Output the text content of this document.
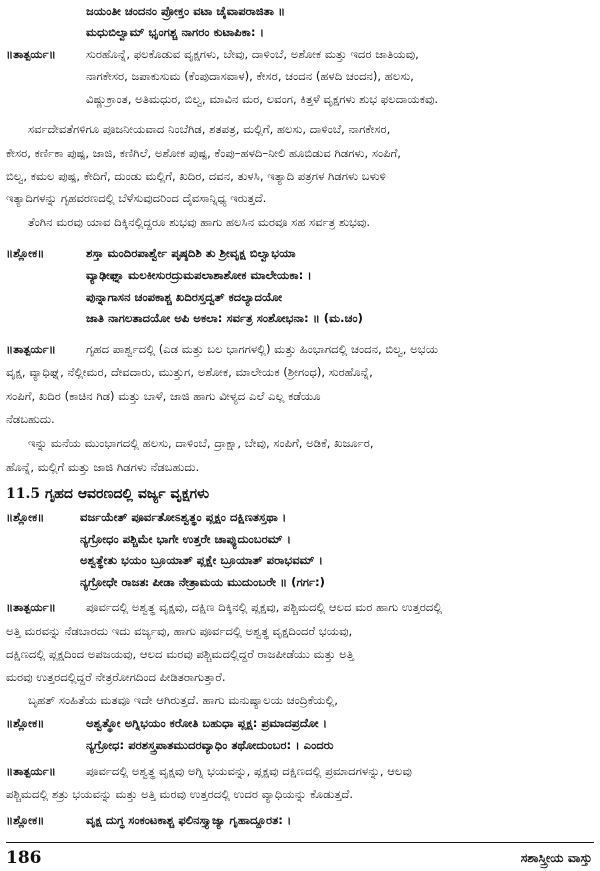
ಜಯಂತೀ ಚಂದನಂ ಪ್ರೋಕ್ತಂ ವಟಾ ಚೈವಾಪರಾಜಿತಾ ॥
ಮಧುಬಿಲ್ವಾಮ್ ಭೃಂಗಶ್ಚ ನಾಗರಂ ಕುಟಾಪಿಕಾ: ।
॥ತಾತ್ಪರ್ಯ॥	ಸುರಹೊನ್ನೆ, ಫಲಕೊಡುವ ವೃಕ್ಷಗಳು, ಬೇವು, ದಾಳಿಂಬೆ, ಅಶೋಕ ಮತ್ತು ಇದರ ಜಾತಿಯವು,
ನಾಗಕೇಸರ, ಜಪಾಕುಸುಮ (ಕೆಂಪುದಾಸವಾಳ), ಕೇಸರ, ಚಂದನ (ಹಳದಿ ಚಂದನ), ಹಲಸು,
ವಿಷ್ಣುಕ್ರಾಂತ, ಅತಿಮಧುರ, ಬಿಲ್ವ, ಮಾವಿನ ಮರ, ಲವಂಗ, ಕಿತ್ತಳೆ ವೃಕ್ಷಗಳು ಶುಭ ಫಲದಾಯಕವು.
ಸರ್ವದೇವತೆಗಳಿಗೂ ಪೂಜನೀಯವಾದ ನಿಂಬೆಗಿಡ, ಶತಪತ್ರ, ಮಲ್ಲಿಗೆ, ಹಲಸು, ದಾಳಿಂಬೆ, ನಾಗಕೇಸರ,
ಕೇಸರ, ಕರ್ಣಿಕಾ ಪುಷ್ಪ, ಜಾಜಿ, ಕಣಿಗಿಲೆ, ಅಶೋಕ ಪುಷ್ಪ, ಕೆಂಪು–ಹಳದಿ–ನೀಲಿ ಹೂಬಿಡುವ ಗಿಡಗಳು, ಸಂಪಿಗೆ,
ಬಿಲ್ವ, ಕಮಲ ಪುಷ್ಪ, ಕೇದಿಗೆ, ದುಂಡು ಮಲ್ಲಿಗೆ, ಖದಿರ, ದವನ, ತುಳಸಿ, ಇತ್ಯಾದಿ ಪತ್ರಗಳ ಗಿಡಗಳು ಬಳುಳಿ
ಇತ್ಯಾದಿಗಳನ್ನು ಗೃಹವರಣದಲ್ಲಿ ಬೆಳೆಸುವುದರಿಂದ ದೈವಸಾನ್ನಿಧ್ಯ ಇರುತ್ತದೆ.
ತೆಂಗಿನ ಮರವು ಯಾವ ದಿಕ್ಕಿನಲ್ಲಿದ್ದರೂ ಶುಭವು ಹಾಗು ಹಲಸಿನ ಮರವೂ ಸಹ ಸರ್ವತ್ರ ಶುಭವು.
॥ಶ್ಲೋಕ॥	ಶಸ್ತಾ ಮಂದಿರಪಾರ್ಶ್ವೇ ಪೃಷ್ಠದಿಶಿ ತು ಶ್ರೀವೃಕ್ಷ ಬಿಲ್ವಾಭಯಾ
ವ್ಯಾಢೀಘ್ನಾ ಮಲಕೀಸುರದ್ರುಮಪಲಾಶಾಶೋಕ ಮಾಲೇಯಕಾ: ।
ಪುನ್ನಾಗಾಸನ ಚಂಪಕಾಶ್ಚ ಖದಿರಸ್ತದ್ವತ್ ಕದಲ್ಯಾದಯೋ
ಜಾತಿ ನಾಗಲತಾದಯೋ ಅಪಿ ಅಕಲಾ: ಸರ್ವತ್ರ ಸಂಶೋಭನಾ: ॥ (ಮ.ಚಂ)
॥ತಾತ್ಪರ್ಯ॥	ಗೃಹದ ಪಾರ್ಶ್ವದಲ್ಲಿ (ಎಡ ಮತ್ತು ಬಲ ಭಾಗಗಳಲ್ಲಿ) ಮತ್ತು ಹಿಂಭಾಗದಲ್ಲಿ ಚಂದನ, ಬಿಲ್ವ, ಅಭಯ
ವೃಕ್ಷ, ವ್ಯಾಧಿಘ್ನ, ನೆಲ್ಲೀಮರ, ದೇವದಾರು, ಮುತ್ತುಗ, ಅಶೋಕ, ಮಾಲೇಯಕ (ಶ್ರೀಗಂಧ), ಸುರಹೊನ್ನೆ,
ಸಂಪಿಗೆ, ಖದಿರ (ಕಾಚಿನ ಗಿಡ) ಮತ್ತು ಬಾಳೆ, ಜಾಜಿ ಹಾಗು ವೀಳ್ಯದ ಎಲೆ ಎಲ್ಲ ಕಡೆಯೂ
ನೆಡಬಹುದು.
ಇನ್ನು ಮನೆಯ ಮುಂಭಾಗದಲ್ಲಿ ಹಲಸು, ದಾಳಿಂಬೆ, ದ್ರಾಕ್ಷಾ, ಬೇವು, ಸಂಪಿಗೆ, ಅಡಿಕೆ, ಖರ್ಜೂರ,
ಹೊನ್ನೆ, ಮಲ್ಲಿಗೆ ಮತ್ತು ಜಾಜಿ ಗಿಡಗಳು ನೆಡಬಹುದು.
11.5 ಗೃಹದ ಆವರಣದಲ್ಲಿ ವರ್ಜ್ಯ ವೃಕ್ಷಗಳು
॥ಶ್ಲೋಕ॥	ವರ್ಜಯೇತ್ ಪೂರ್ವತೋಽಶ್ವತ್ಥಂ ಪ್ಲಕ್ಷಂ ದಕ್ಷಿಣತಸ್ತಥಾ ।
ನ್ಯಗ್ರೋಧಂ ಪಶ್ಚಿಮೇ ಭಾಗೇ ಉತ್ತರೇ ಚಾಪ್ಯುದುಂಬರಮ್ ।
ಅಶ್ವತ್ಥೇತು ಭಯಂ ಬ್ರೂಯಾತ್ ಪ್ಲಕ್ಷೇ ಬ್ರೂಯಾತ್ ಪರಾಭವಮ್ ।
ನ್ಯಗ್ರೋಧೇ ರಾಜತಃ ಪೀಡಾ ನೇತ್ರಾಮಯ ಮುದುಂಬರೇ ॥ (ಗರ್ಗ:)
॥ತಾತ್ಪರ್ಯ॥	ಪೂರ್ವದಲ್ಲಿ ಅಶ್ವತ್ಥ ವೃಕ್ಷವು, ದಕ್ಷಿಣ ದಿಕ್ಕಿನಲ್ಲಿ ಪ್ಲಕ್ಷವು, ಪಶ್ಚಿಮದಲ್ಲಿ ಆಲದ ಮರ ಹಾಗು ಉತ್ತರದಲ್ಲಿ
ಅತ್ತಿ ಮರವನ್ನು ನೆಡಬಾರದು ಇದು ವರ್ಜ್ಯವು, ಹಾಗು ಪೂರ್ವದಲ್ಲಿ ಅಶ್ವತ್ಥ ವೃಕ್ಷದಿಂದರೆ ಭಯವು,
ದಕ್ಷಿಣದಲ್ಲಿ ಪ್ಲಕ್ಷದಿಂದ ಅಪಜಯವು, ಆಲದ ಮರವು ಪಶ್ಚಿಮದಲ್ಲಿದ್ದರೆ ರಾಜಪೀಡೆಯು ಮತ್ತು ಅತ್ತಿ
ಮರವು ಉತ್ತರದಲ್ಲಿದ್ದರೆ ನೇತ್ರರೋಗದಿಂದ ಪೀಡಿತರಾಗುತ್ತಾರೆ.
ಬೃಹತ್ ಸಂಹಿತೆಯ ಮತವೂ ಇದೇ ಆಗಿರುತ್ತದೆ. ಹಾಗು ಮನುಷ್ಯಾಲಯ ಚಂದ್ರಿಕೆಯಲ್ಲಿ,
॥ಶ್ಲೋಕ॥	ಅಶ್ವತ್ಥೋ ಅಗ್ನಿಭಯಂ ಕರೋತಿ ಬಹುಧಾ ಪ್ಲಕ್ಷ: ಪ್ರಮಾದಪ್ರದೋ ।
ನ್ಯಗ್ರೋಧ: ಪರಶಸ್ತ್ರಪಾತಮುದರವ್ಯಾಧಿಂ ತಥೋದುಂಬರ: । ಎಂದರು
॥ತಾತ್ಪರ್ಯ॥	ಪೂರ್ವದಲ್ಲಿ ಅಶ್ವತ್ಥ ವೃಕ್ಷವು ಅಗ್ನಿ ಭಯವನ್ನು, ಪ್ಲಕ್ಷವು ದಕ್ಷಿಣದಲ್ಲಿ ಪ್ರಮಾದಗಳನ್ನು, ಆಲವು
ಪಶ್ಚಿಮದಲ್ಲಿ ಶತ್ರು ಭಯವನ್ನು ಮತ್ತು ಅತ್ತಿ ಮರವು ಉತ್ತರದಲ್ಲಿ ಉದರ ವ್ಯಾಧಿಯನ್ನು ಕೊಡುತ್ತದೆ.
॥ಶ್ಲೋಕ॥	ವೃಕ್ಷ ದುಗ್ಧ ಸಂಕಂಟಕಾಶ್ಚ ಫಲಿನಸ್ತ್ಯಾಜ್ಯಾ ಗೃಹಾದ್ದೂರತ: ।
186	ಸಶಾಸ್ತ್ರೀಯ ವಾಸ್ತು
